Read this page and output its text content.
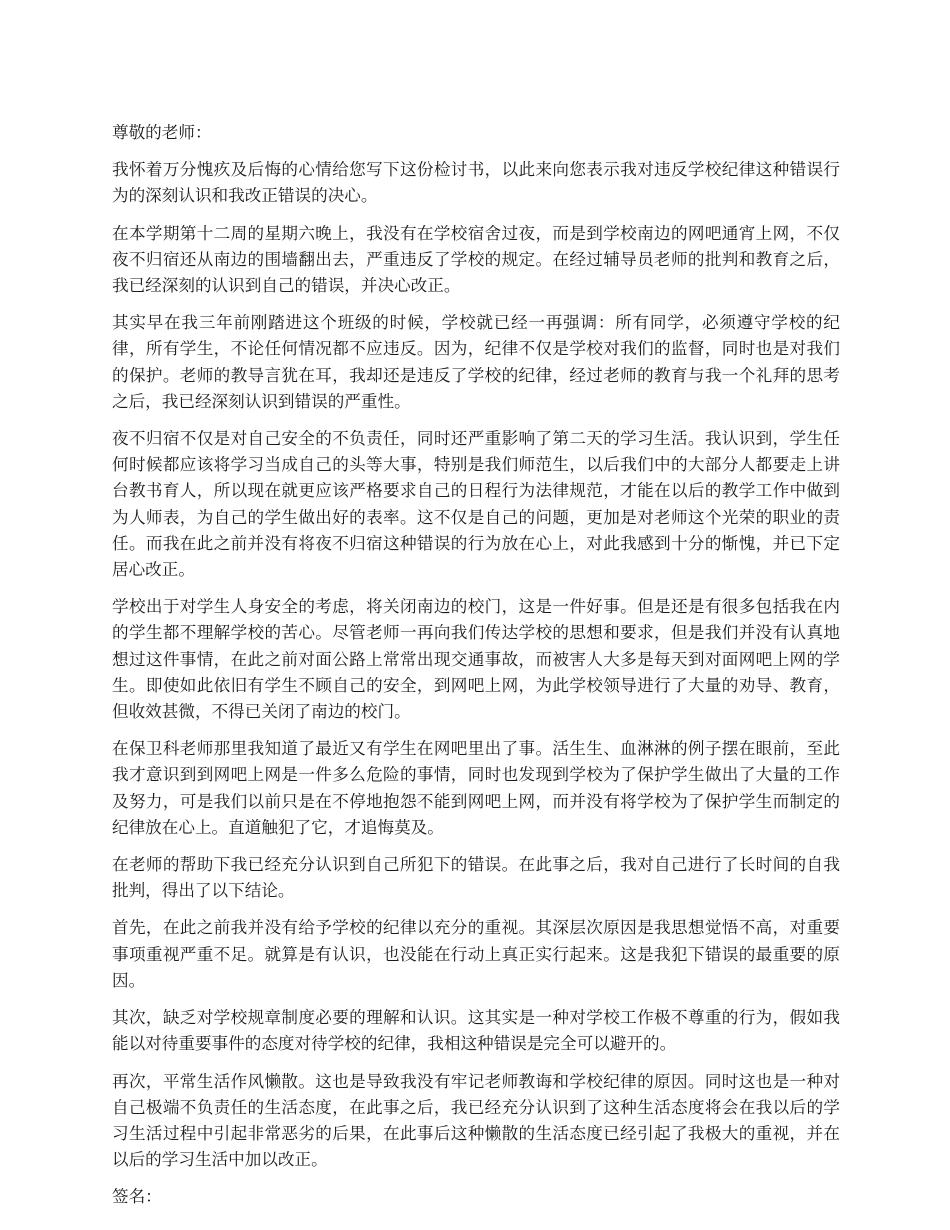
尊敬的老师：

我怀着万分愧疚及后悔的心情给您写下这份检讨书，以此来向您表示我对违反学校纪律这种错误行为的深刻认识和我改正错误的决心。

在本学期第十二周的星期六晚上，我没有在学校宿舍过夜，而是到学校南边的网吧通宵上网，不仅夜不归宿还从南边的围墙翻出去，严重违反了学校的规定。在经过辅导员老师的批判和教育之后，我已经深刻的认识到自己的错误，并决心改正。

其实早在我三年前刚踏进这个班级的时候，学校就已经一再强调：所有同学，必须遵守学校的纪律，所有学生，不论任何情况都不应违反。因为，纪律不仅是学校对我们的监督，同时也是对我们的保护。老师的教导言犹在耳，我却还是违反了学校的纪律，经过老师的教育与我一个礼拜的思考之后，我已经深刻认识到错误的严重性。

夜不归宿不仅是对自己安全的不负责任，同时还严重影响了第二天的学习生活。我认识到，学生任何时候都应该将学习当成自己的头等大事，特别是我们师范生，以后我们中的大部分人都要走上讲台教书育人，所以现在就更应该严格要求自己的日程行为法律规范，才能在以后的教学工作中做到为人师表，为自己的学生做出好的表率。这不仅是自己的问题，更加是对老师这个光荣的职业的责任。而我在此之前并没有将夜不归宿这种错误的行为放在心上，对此我感到十分的惭愧，并已下定居心改正。

学校出于对学生人身安全的考虑，将关闭南边的校门，这是一件好事。但是还是有很多包括我在内的学生都不理解学校的苦心。尽管老师一再向我们传达学校的思想和要求，但是我们并没有认真地想过这件事情，在此之前对面公路上常常出现交通事故，而被害人大多是每天到对面网吧上网的学生。即使如此依旧有学生不顾自己的安全，到网吧上网，为此学校领导进行了大量的劝导、教育，但收效甚微，不得已关闭了南边的校门。

在保卫科老师那里我知道了最近又有学生在网吧里出了事。活生生、血淋淋的例子摆在眼前，至此我才意识到到网吧上网是一件多么危险的事情，同时也发现到学校为了保护学生做出了大量的工作及努力，可是我们以前只是在不停地抱怨不能到网吧上网，而并没有将学校为了保护学生而制定的纪律放在心上。直道触犯了它，才追悔莫及。

在老师的帮助下我已经充分认识到自己所犯下的错误。在此事之后，我对自己进行了长时间的自我批判，得出了以下结论。

首先，在此之前我并没有给予学校的纪律以充分的重视。其深层次原因是我思想觉悟不高，对重要事项重视严重不足。就算是有认识，也没能在行动上真正实行起来。这是我犯下错误的最重要的原因。

其次，缺乏对学校规章制度必要的理解和认识。这其实是一种对学校工作极不尊重的行为，假如我能以对待重要事件的态度对待学校的纪律，我相这种错误是完全可以避开的。

再次，平常生活作风懒散。这也是导致我没有牢记老师教诲和学校纪律的原因。同时这也是一种对自己极端不负责任的生活态度，在此事之后，我已经充分认识到了这种生活态度将会在我以后的学习生活过程中引起非常恶劣的后果，在此事后这种懒散的生活态度已经引起了我极大的重视，并在以后的学习生活中加以改正。

签名：
